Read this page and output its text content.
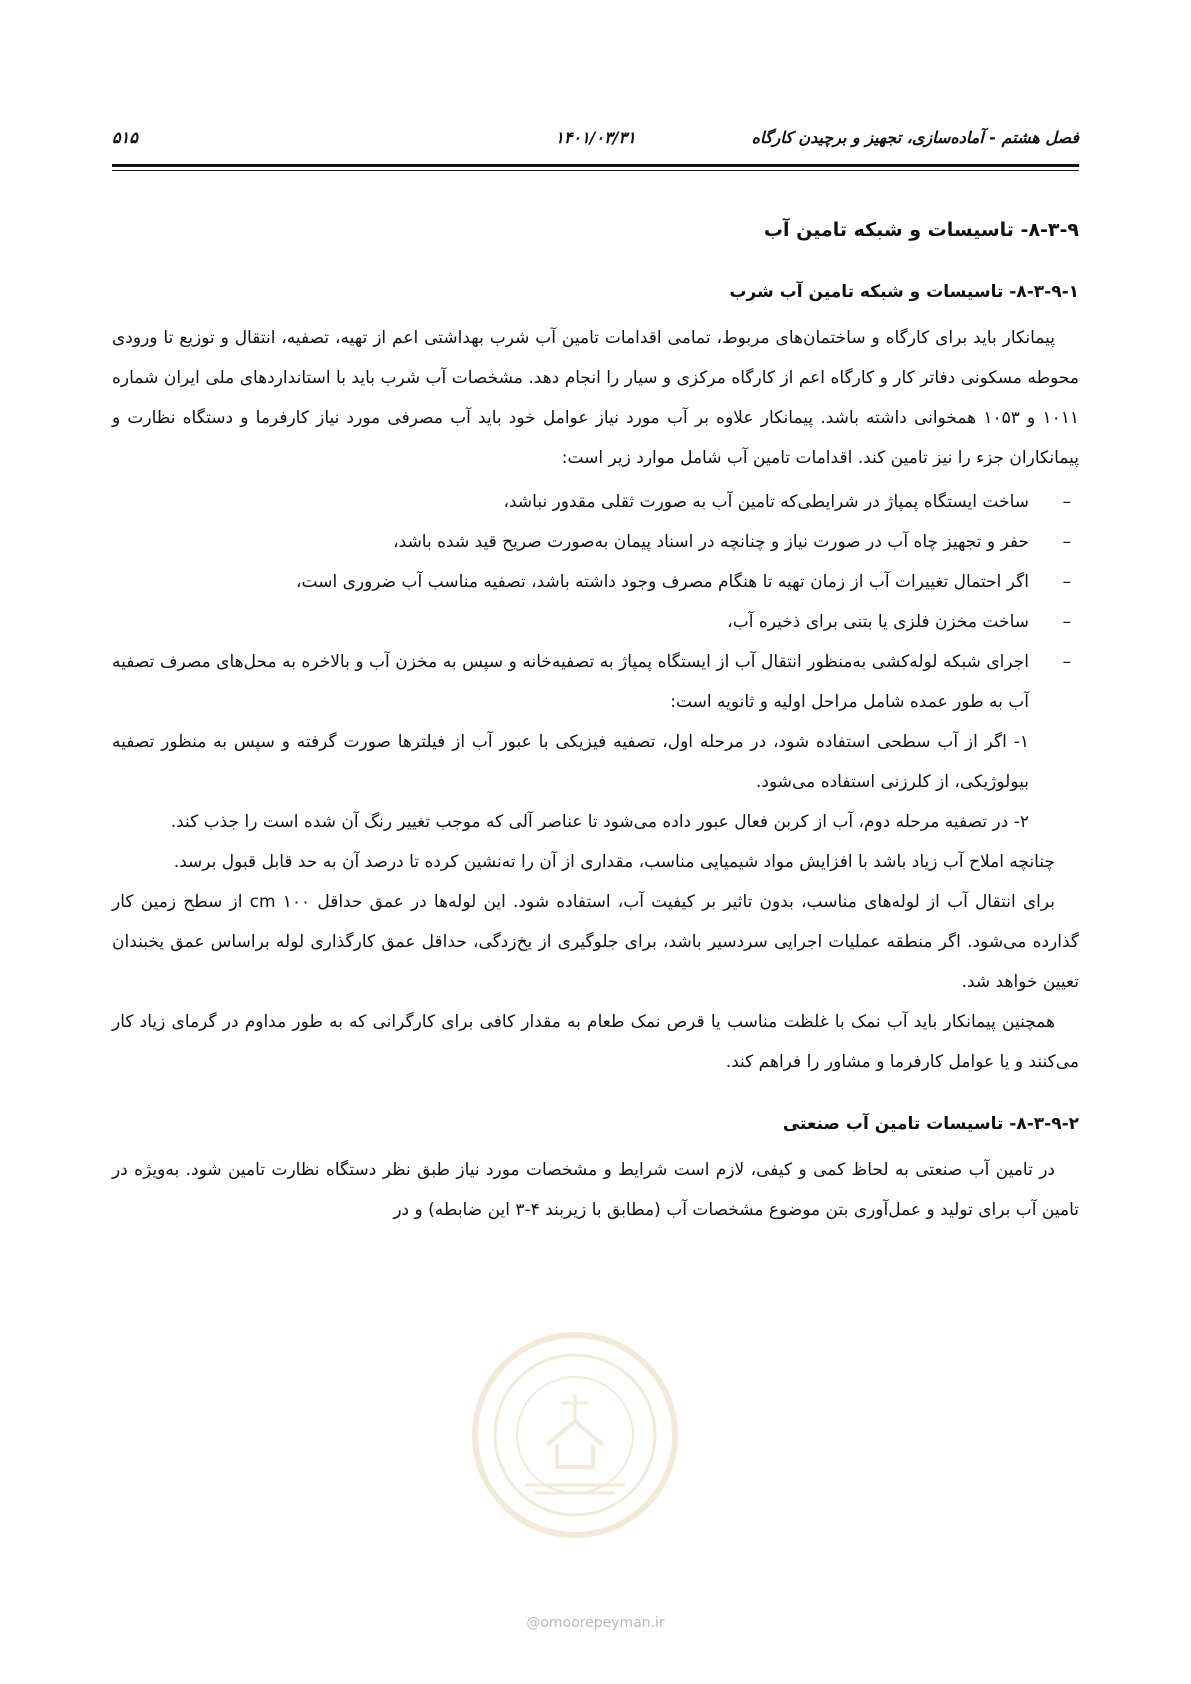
فصل هشتم - آماده‌سازی، تجهیز و برچیدن کارگاه
۱۴۰۱/۰۳/۳۱
۵۱۵
۸-۳-۹- تاسیسات و شبکه تامین آب
۸-۳-۹-۱- تاسیسات و شبکه تامین آب شرب

پیمانکار باید برای کارگاه و ساختمان‌های مربوط، تمامی اقدامات تامین آب شرب بهداشتی اعم از تهیه، تصفیه، انتقال و توزیع تا ورودی محوطه مسکونی دفاتر کار و کارگاه اعم از کارگاه مرکزی و سیار را انجام دهد. مشخصات آب شرب باید با استانداردهای ملی ایران شماره ۱۰۱۱ و ۱۰۵۳ همخوانی داشته باشد. پیمانکار علاوه بر آب مورد نیاز عوامل خود باید آب مصرفی مورد نیاز کارفرما و دستگاه نظارت و پیمانکاران جزء را نیز تامین کند. اقدامات تامین آب شامل موارد زیر است:

– ساخت ایستگاه پمپاژ در شرایطی‌که تامین آب به صورت ثقلی مقدور نباشد،
– حفر و تجهیز چاه آب در صورت نیاز و چنانچه در اسناد پیمان به‌صورت صریح قید شده باشد،
– اگر احتمال تغییرات آب از زمان تهیه تا هنگام مصرف وجود داشته باشد، تصفیه مناسب آب ضروری است،
– ساخت مخزن فلزی یا بتنی برای ذخیره آب،
– اجرای شبکه لوله‌کشی به‌منظور انتقال آب از ایستگاه پمپاژ به تصفیه‌خانه و سپس به مخزن آب و بالاخره به محل‌های مصرف تصفیه آب به طور عمده شامل مراحل اولیه و ثانویه است:

۱- اگر از آب سطحی استفاده شود، در مرحله اول، تصفیه فیزیکی با عبور آب از فیلترها صورت گرفته و سپس به منظور تصفیه بیولوژیکی، از کلرزنی استفاده می‌شود.

۲- در تصفیه مرحله دوم، آب از کربن فعال عبور داده می‌شود تا عناصر آلی که موجب تغییر رنگ آن شده است را جذب کند.

چنانچه املاح آب زیاد باشد با افزایش مواد شیمیایی مناسب، مقداری از آن را ته‌نشین کرده تا درصد آن به حد قابل قبول برسد.

برای انتقال آب از لوله‌های مناسب، بدون تاثیر بر کیفیت آب، استفاده شود. این لوله‌ها در عمق حداقل ۱۰۰ cm از سطح زمین کار گذارده می‌شود. اگر منطقه عملیات اجرایی سردسیر باشد، برای جلوگیری از یخ‌زدگی، حداقل عمق کارگذاری لوله براساس عمق یخبندان تعیین خواهد شد.

همچنین پیمانکار باید آب نمک با غلظت مناسب یا قرص نمک طعام به مقدار کافی برای کارگرانی که به طور مداوم در گرمای زیاد کار می‌کنند و یا عوامل کارفرما و مشاور را فراهم کند.

۸-۳-۹-۲- تاسیسات تامین آب صنعتی

در تامین آب صنعتی به لحاظ کمی و کیفی، لازم است شرایط و مشخصات مورد نیاز طبق نظر دستگاه نظارت تامین شود. به‌ویژه در تامین آب برای تولید و عمل‌آوری بتن موضوع مشخصات آب (مطابق با زیربند ۴-۳ این ضابطه) و در

@omoorepeyman.ir
